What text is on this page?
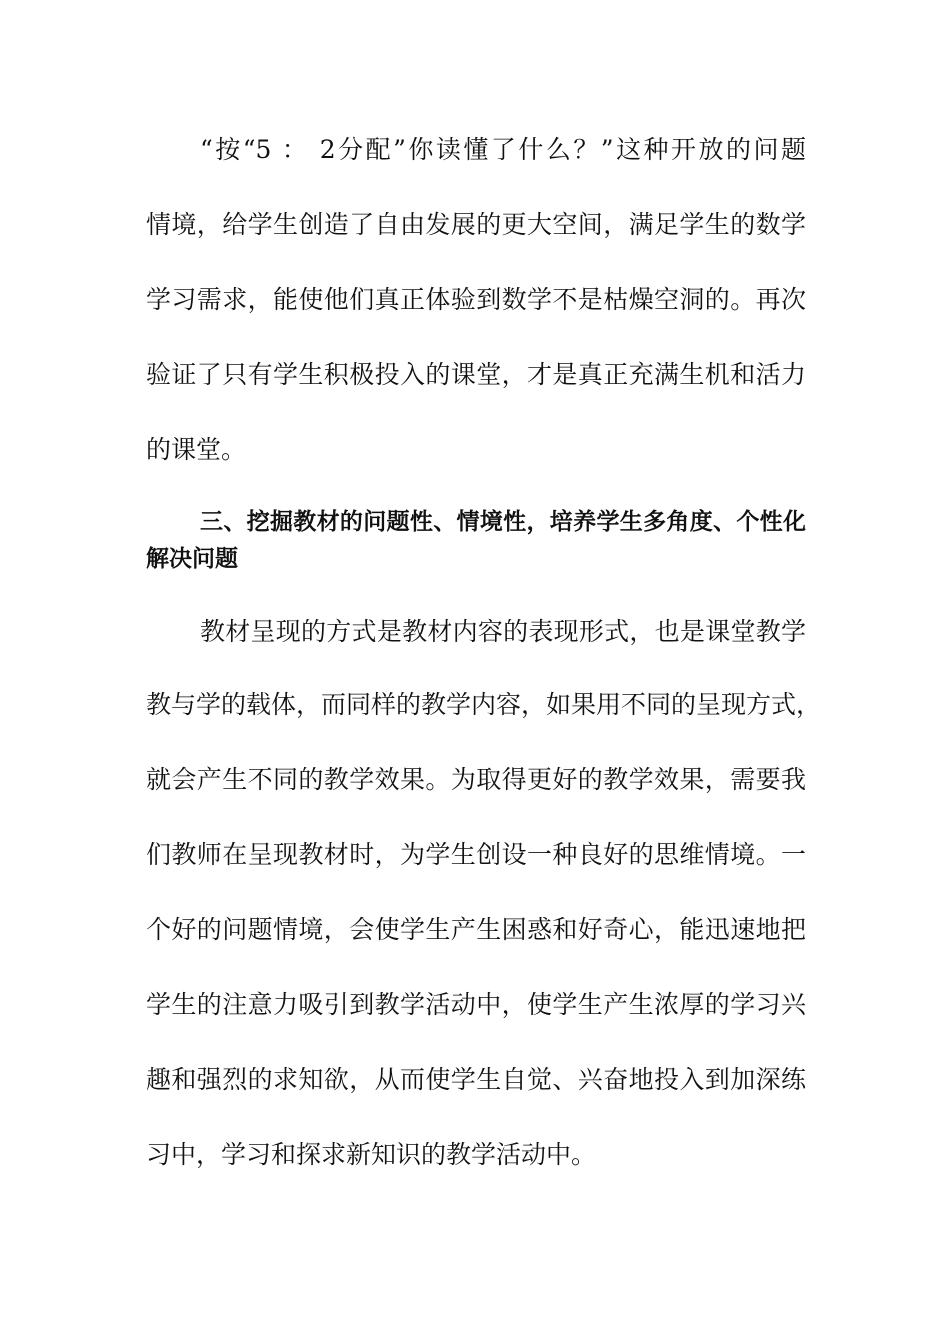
“按“5 ： 2分配”你读懂了什么？”这种开放的问题
情境，给学生创造了自由发展的更大空间，满足学生的数学
学习需求，能使他们真正体验到数学不是枯燥空洞的。再次
验证了只有学生积极投入的课堂，才是真正充满生机和活力
的课堂。
三、挖掘教材的问题性、情境性，培养学生多角度、个性化
解决问题
教材呈现的方式是教材内容的表现形式，也是课堂教学
教与学的载体，而同样的教学内容，如果用不同的呈现方式，
就会产生不同的教学效果。为取得更好的教学效果，需要我
们教师在呈现教材时，为学生创设一种良好的思维情境。一
个好的问题情境，会使学生产生困惑和好奇心，能迅速地把
学生的注意力吸引到教学活动中，使学生产生浓厚的学习兴
趣和强烈的求知欲，从而使学生自觉、兴奋地投入到加深练
习中，学习和探求新知识的教学活动中。
